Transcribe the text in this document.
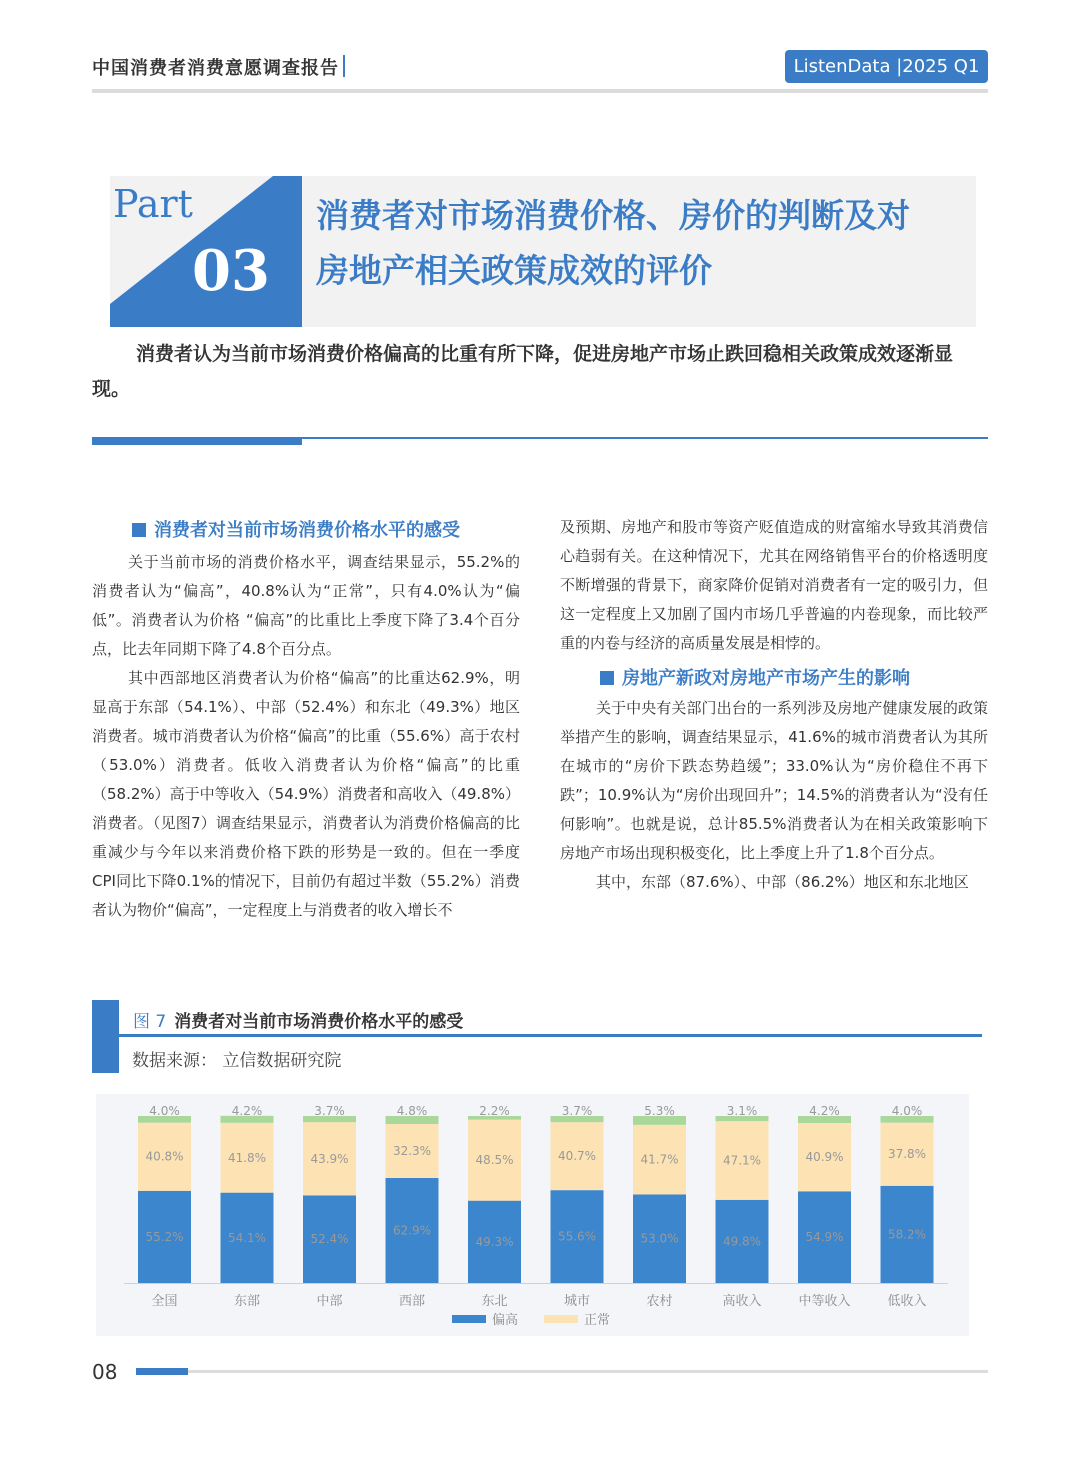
中国消费者消费意愿调查报告	ListenData |2025 Q1
Part
03
消费者对市场消费价格、房价的判断及对
房地产相关政策成效的评价
消费者认为当前市场消费价格偏高的比重有所下降，促进房地产市场止跌回稳相关政策成效逐渐显现。
消费者对当前市场消费价格水平的感受

关于当前市场的消费价格水平，调查结果显示，55.2%的消费者认为“偏高”，40.8%认为“正常”，只有4.0%认为“偏低”。消费者认为价格 “偏高”的比重比上季度下降了3.4个百分点，比去年同期下降了4.8个百分点。

其中西部地区消费者认为价格“偏高”的比重达62.9%，明显高于东部（54.1%）、中部（52.4%）和东北（49.3%）地区消费者。城市消费者认为价格“偏高”的比重（55.6%）高于农村（53.0%）消费者。低收入消费者认为价格“偏高”的比重（58.2%）高于中等收入（54.9%）消费者和高收入（49.8%）消费者。（见图7）调查结果显示，消费者认为消费价格偏高的比重减少与今年以来消费价格下跌的形势是一致的。但在一季度CPI同比下降0.1%的情况下，目前仍有超过半数（55.2%）消费者认为物价“偏高”，一定程度上与消费者的收入增长不

及预期、房地产和股市等资产贬值造成的财富缩水导致其消费信心趋弱有关。在这种情况下，尤其在网络销售平台的价格透明度不断增强的背景下，商家降价促销对消费者有一定的吸引力，但这一定程度上又加剧了国内市场几乎普遍的内卷现象，而比较严重的内卷与经济的高质量发展是相悖的。

房地产新政对房地产市场产生的影响

关于中央有关部门出台的一系列涉及房地产健康发展的政策举措产生的影响，调查结果显示，41.6%的城市消费者认为其所在城市的“房价下跌态势趋缓”；33.0%认为“房价稳住不再下跌”；10.9%认为“房价出现回升”；14.5%的消费者认为“没有任何影响”。也就是说，总计85.5%消费者认为在相关政策影响下房地产市场出现积极变化，比上季度上升了1.8个百分点。

其中，东部（87.6%）、中部（86.2%）地区和东北地区

图 7 消费者对当前市场消费价格水平的感受
数据来源： 立信数据研究院
55.2%
40.8%
4.0%
全国
54.1%
41.8%
4.2%
东部
52.4%
43.9%
3.7%
中部
62.9%
32.3%
4.8%
西部
49.3%
48.5%
2.2%
东北
55.6%
40.7%
3.7%
城市
53.0%
41.7%
5.3%
农村
49.8%
47.1%
3.1%
高收入
54.9%
40.9%
4.2%
中等收入
58.2%
37.8%
4.0%
低收入
偏高	正常
08
